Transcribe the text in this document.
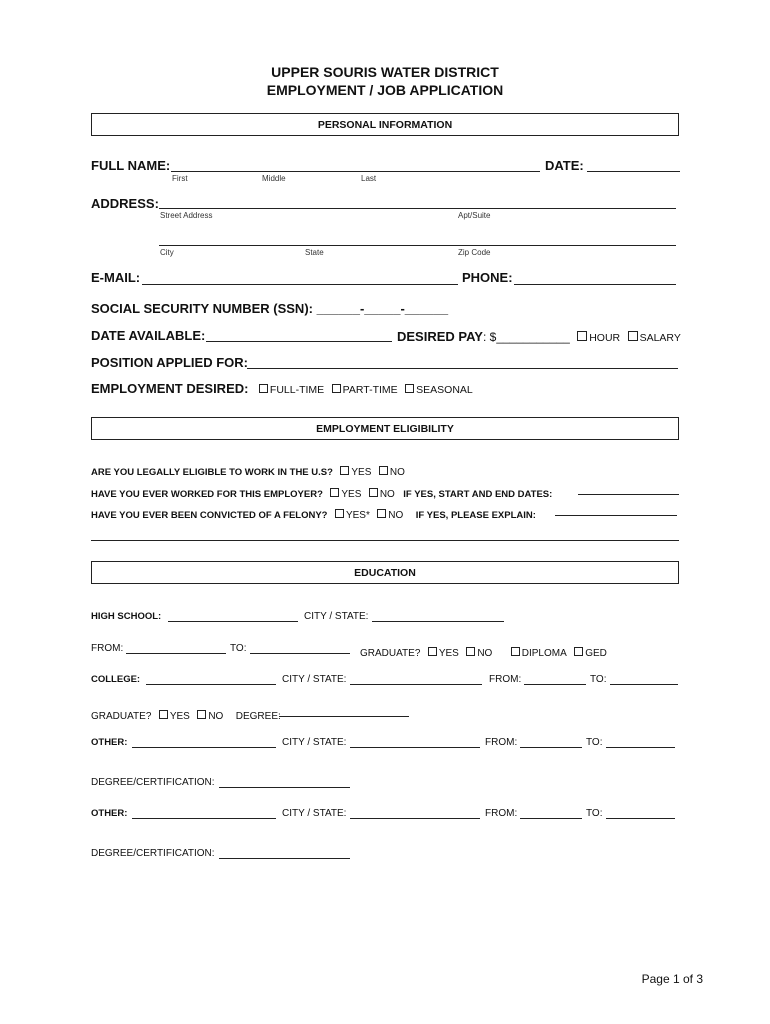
UPPER SOURIS WATER DISTRICT
EMPLOYMENT / JOB APPLICATION
PERSONAL INFORMATION
FULL NAME:	DATE:
First	Middle	Last
ADDRESS:
Street Address	Apt/Suite
City	State	Zip Code
E-MAIL:	PHONE:
SOCIAL SECURITY NUMBER (SSN): ______-_____-______
DATE AVAILABLE:	DESIRED PAY: $___________ HOUR SALARY
POSITION APPLIED FOR:
EMPLOYMENT DESIRED: FULL-TIME PART-TIME SEASONAL
EMPLOYMENT ELIGIBILITY
ARE YOU LEGALLY ELIGIBLE TO WORK IN THE U.S? YES NO
HAVE YOU EVER WORKED FOR THIS EMPLOYER? YES NO IF YES, START AND END DATES:
HAVE YOU EVER BEEN CONVICTED OF A FELONY? YES* NO IF YES, PLEASE EXPLAIN:
EDUCATION
HIGH SCHOOL:	CITY / STATE:
FROM:	TO:	GRADUATE? YES NO	DIPLOMA GED
COLLEGE:	CITY / STATE:	FROM:	TO:
GRADUATE? YES NO DEGREE:
OTHER:	CITY / STATE:	FROM:	TO:
DEGREE/CERTIFICATION:
OTHER:	CITY / STATE:	FROM:	TO:
DEGREE/CERTIFICATION:
Page 1 of 3
